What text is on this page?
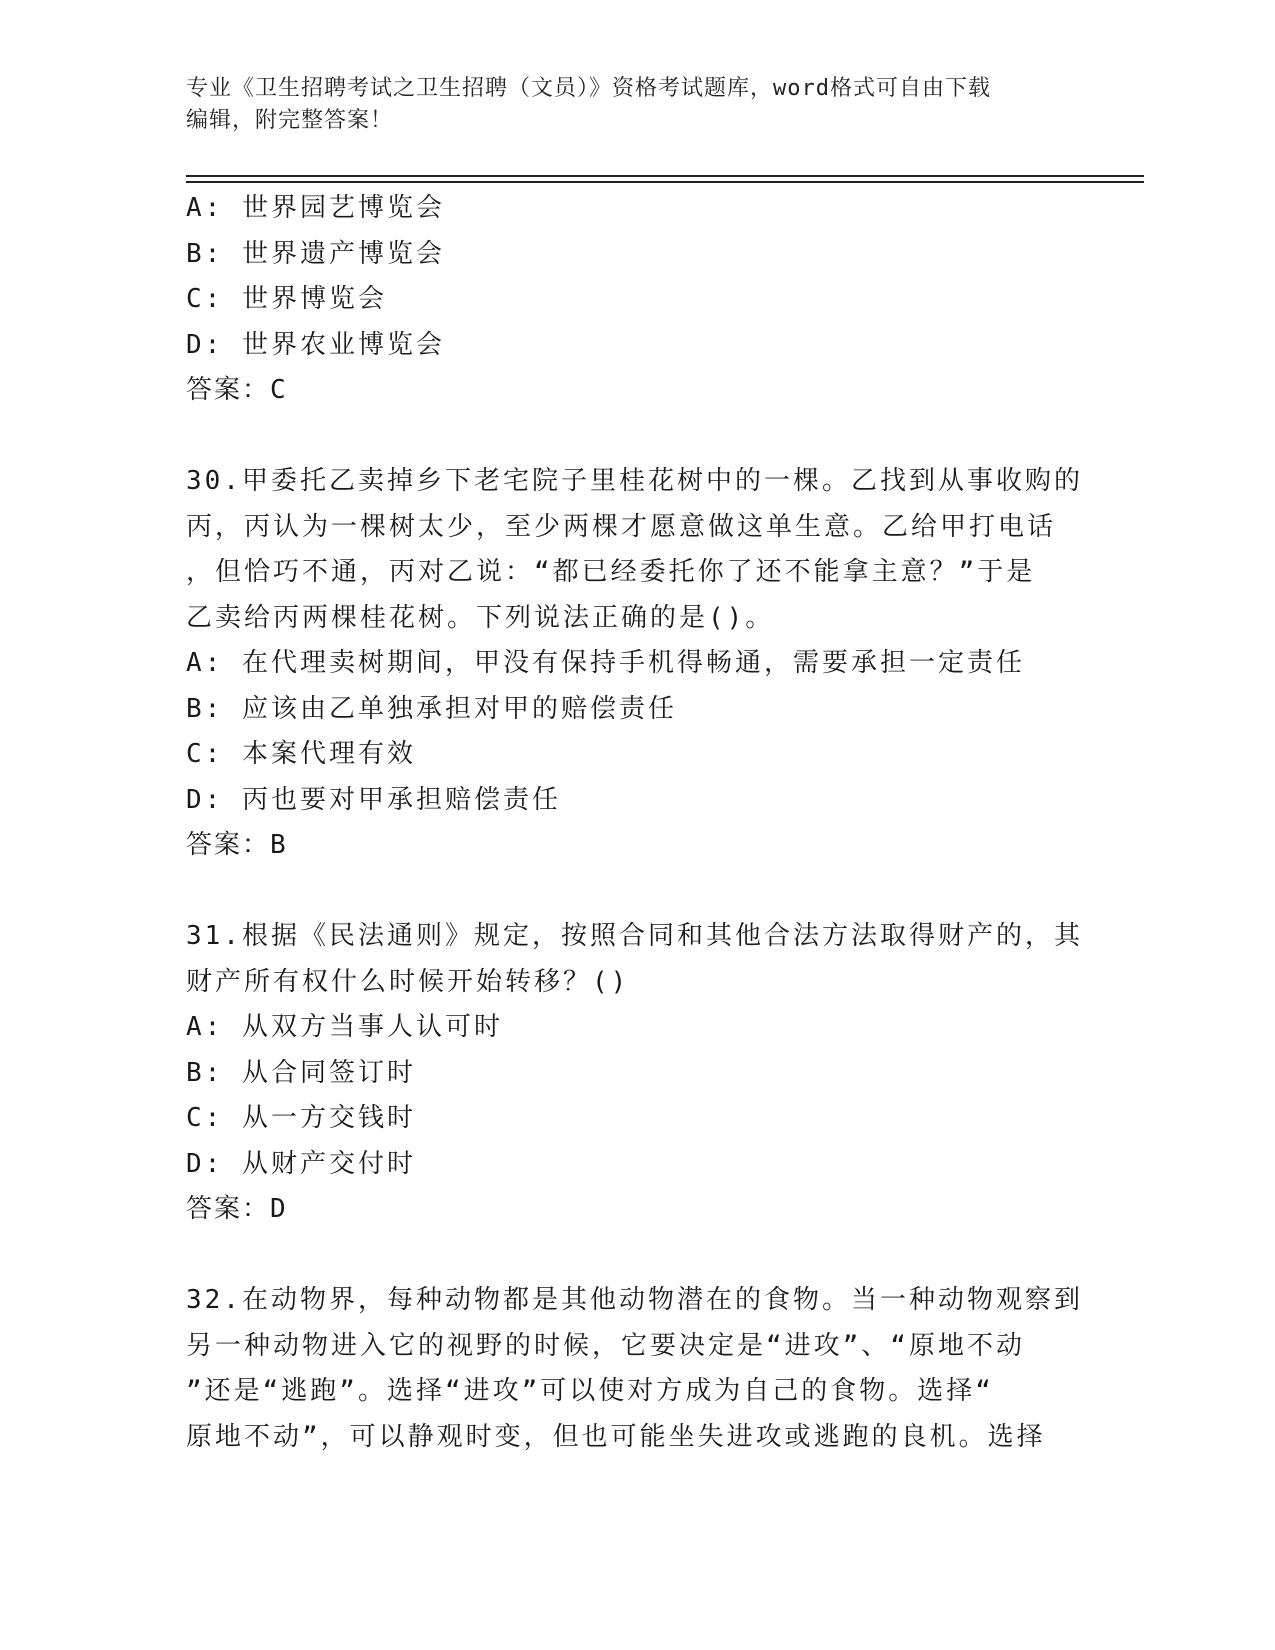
专业《卫生招聘考试之卫生招聘（文员）》资格考试题库，word格式可自由下载
编辑，附完整答案！
A: 世界园艺博览会
B: 世界遗产博览会
C: 世界博览会
D: 世界农业博览会
答案：C
30.甲委托乙卖掉乡下老宅院子里桂花树中的一棵。乙找到从事收购的
丙，丙认为一棵树太少，至少两棵才愿意做这单生意。乙给甲打电话
，但恰巧不通，丙对乙说：“都已经委托你了还不能拿主意？”于是
乙卖给丙两棵桂花树。下列说法正确的是()。
A: 在代理卖树期间，甲没有保持手机得畅通，需要承担一定责任
B: 应该由乙单独承担对甲的赔偿责任
C: 本案代理有效
D: 丙也要对甲承担赔偿责任
答案：B
31.根据《民法通则》规定，按照合同和其他合法方法取得财产的，其
财产所有权什么时候开始转移？()
A: 从双方当事人认可时
B: 从合同签订时
C: 从一方交钱时
D: 从财产交付时
答案：D
32.在动物界，每种动物都是其他动物潜在的食物。当一种动物观察到
另一种动物进入它的视野的时候，它要决定是“进攻”、“原地不动
”还是“逃跑”。选择“进攻”可以使对方成为自己的食物。选择“
原地不动”，可以静观时变，但也可能坐失进攻或逃跑的良机。选择
